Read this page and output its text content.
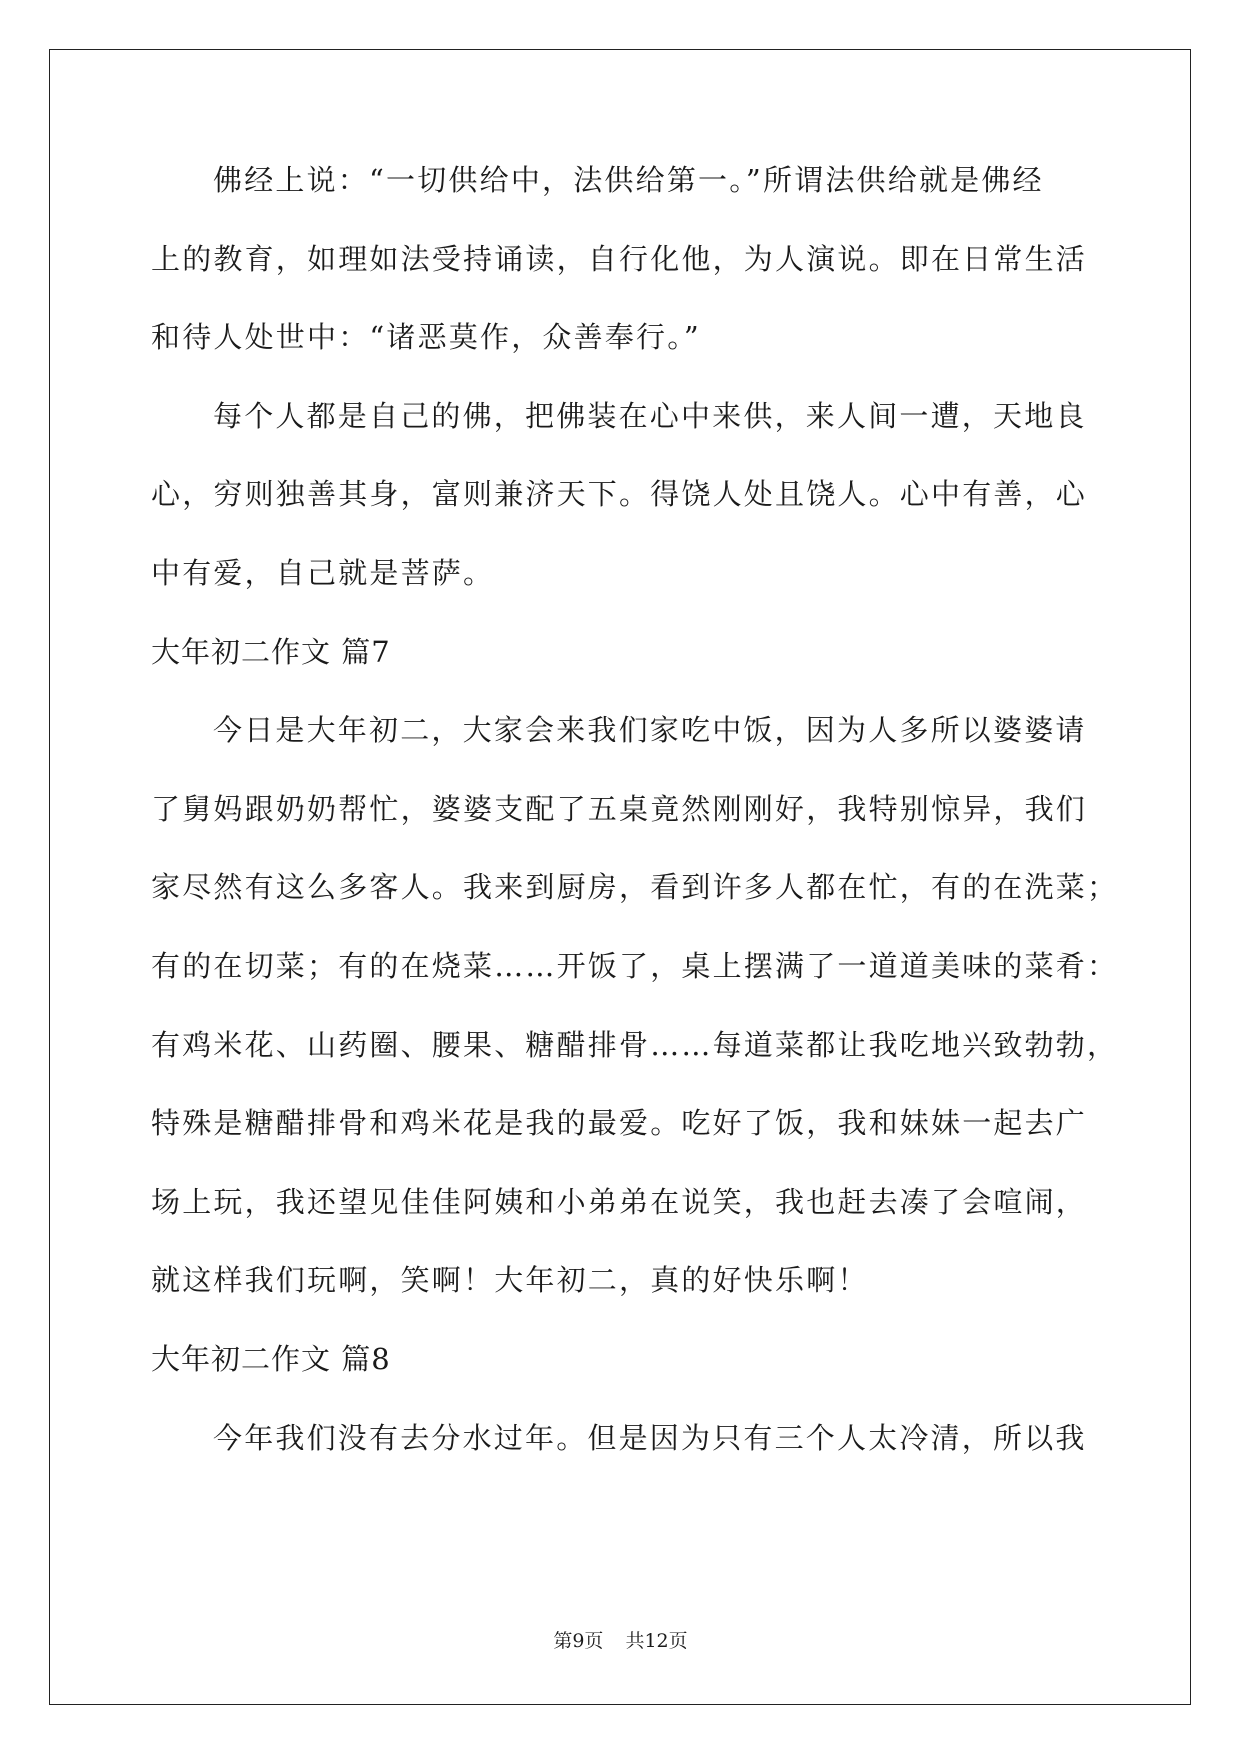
佛经上说：“一切供给中，法供给第一。”所谓法供给就是佛经
上的教育，如理如法受持诵读，自行化他，为人演说。即在日常生活
和待人处世中：“诸恶莫作，众善奉行。”
每个人都是自己的佛，把佛装在心中来供，来人间一遭，天地良
心，穷则独善其身，富则兼济天下。得饶人处且饶人。心中有善，心
中有爱，自己就是菩萨。
大年初二作文 篇7
今日是大年初二，大家会来我们家吃中饭，因为人多所以婆婆请
了舅妈跟奶奶帮忙，婆婆支配了五桌竟然刚刚好，我特别惊异，我们
家尽然有这么多客人。我来到厨房，看到许多人都在忙，有的在洗菜；
有的在切菜；有的在烧菜……开饭了，桌上摆满了一道道美味的菜肴：
有鸡米花、山药圈、腰果、糖醋排骨……每道菜都让我吃地兴致勃勃，
特殊是糖醋排骨和鸡米花是我的最爱。吃好了饭，我和妹妹一起去广
场上玩，我还望见佳佳阿姨和小弟弟在说笑，我也赶去凑了会喧闹，
就这样我们玩啊，笑啊！大年初二，真的好快乐啊！
大年初二作文 篇8
今年我们没有去分水过年。但是因为只有三个人太冷清，所以我
第9页 共12页
